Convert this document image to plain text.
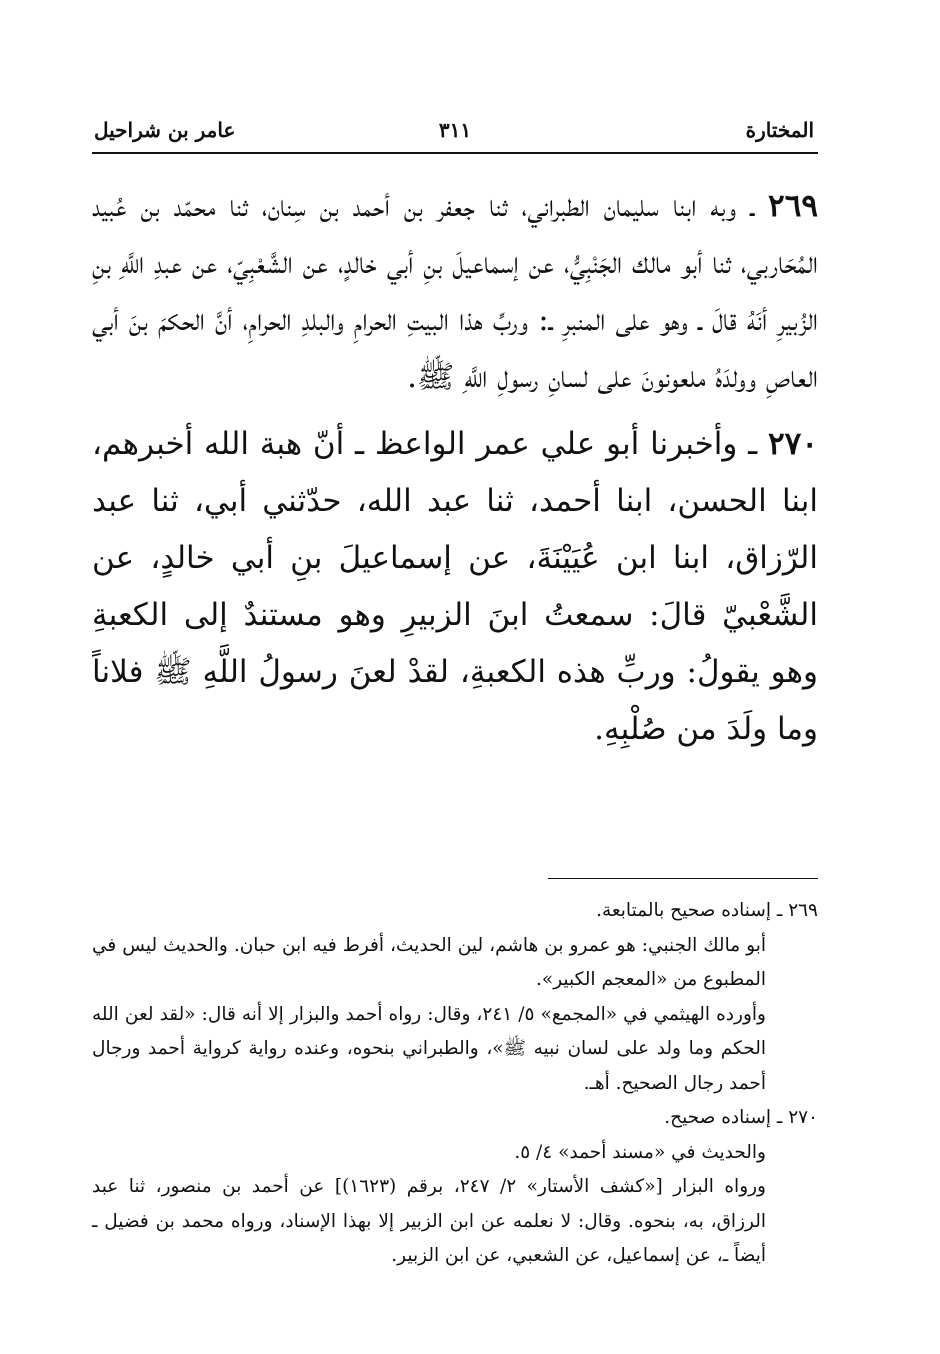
المختارة
٣١١
عامر بن شراحيل

٢٦٩ ـ وبه ابنا سليمان الطبراني، ثنا جعفر بن أحمد بن سِنان، ثنا محمّد بن عُبيد المُحَاربي، ثنا أبو مالك الجَنْبِيُّ، عن إسماعيلَ بنِ أبي خالدٍ، عن الشَّعْبِيّ، عن عبدِ اللَّهِ بنِ الزُبيرِ أنَهُ قالَ ـ وهو على المنبرِ ـ: وربِّ هذا البيتِ الحرامِ والبلدِ الحرامِ، أنَّ الحكمَ بنَ أبي العاصِ وولدَهُ ملعونونَ على لسانِ رسولِ اللَّهِ ﷺ.

٢٧٠ ـ وأخبرنا أبو علي عمر الواعظ ـ أنّ هبة الله أخبرهم، ابنا الحسن، ابنا أحمد، ثنا عبد الله، حدّثني أبي، ثنا عبد الرّزاق، ابنا ابن عُيَيْنَةَ، عن إسماعيلَ بنِ أبي خالدٍ، عن الشَّعْبيّ قالَ: سمعتُ ابنَ الزبيرِ وهو مستندٌ إلى الكعبةِ وهو يقولُ: وربِّ هذه الكعبةِ، لقدْ لعنَ رسولُ اللَّهِ ﷺ فلاناً وما ولَدَ من صُلْبِهِ.

٢٦٩ ـ إسناده صحيح بالمتابعة.
أبو مالك الجنبي: هو عمرو بن هاشم، لين الحديث، أفرط فيه ابن حبان. والحديث ليس في المطبوع من «المعجم الكبير».
وأورده الهيثمي في «المجمع» ٥/ ٢٤١، وقال: رواه أحمد والبزار إلا أنه قال: «لقد لعن الله الحكم وما ولد على لسان نبيه ﷺ»، والطبراني بنحوه، وعنده رواية كرواية أحمد ورجال أحمد رجال الصحيح. أهـ.
٢٧٠ ـ إسناده صحيح.
والحديث في «مسند أحمد» ٤/ ٥.
ورواه البزار [«كشف الأستار» ٢/ ٢٤٧، برقم (١٦٢٣)] عن أحمد بن منصور، ثنا عبد الرزاق، به، بنحوه. وقال: لا نعلمه عن ابن الزبير إلا بهذا الإسناد، ورواه محمد بن فضيل ـ أيضاً ـ، عن إسماعيل، عن الشعبي، عن ابن الزبير.
